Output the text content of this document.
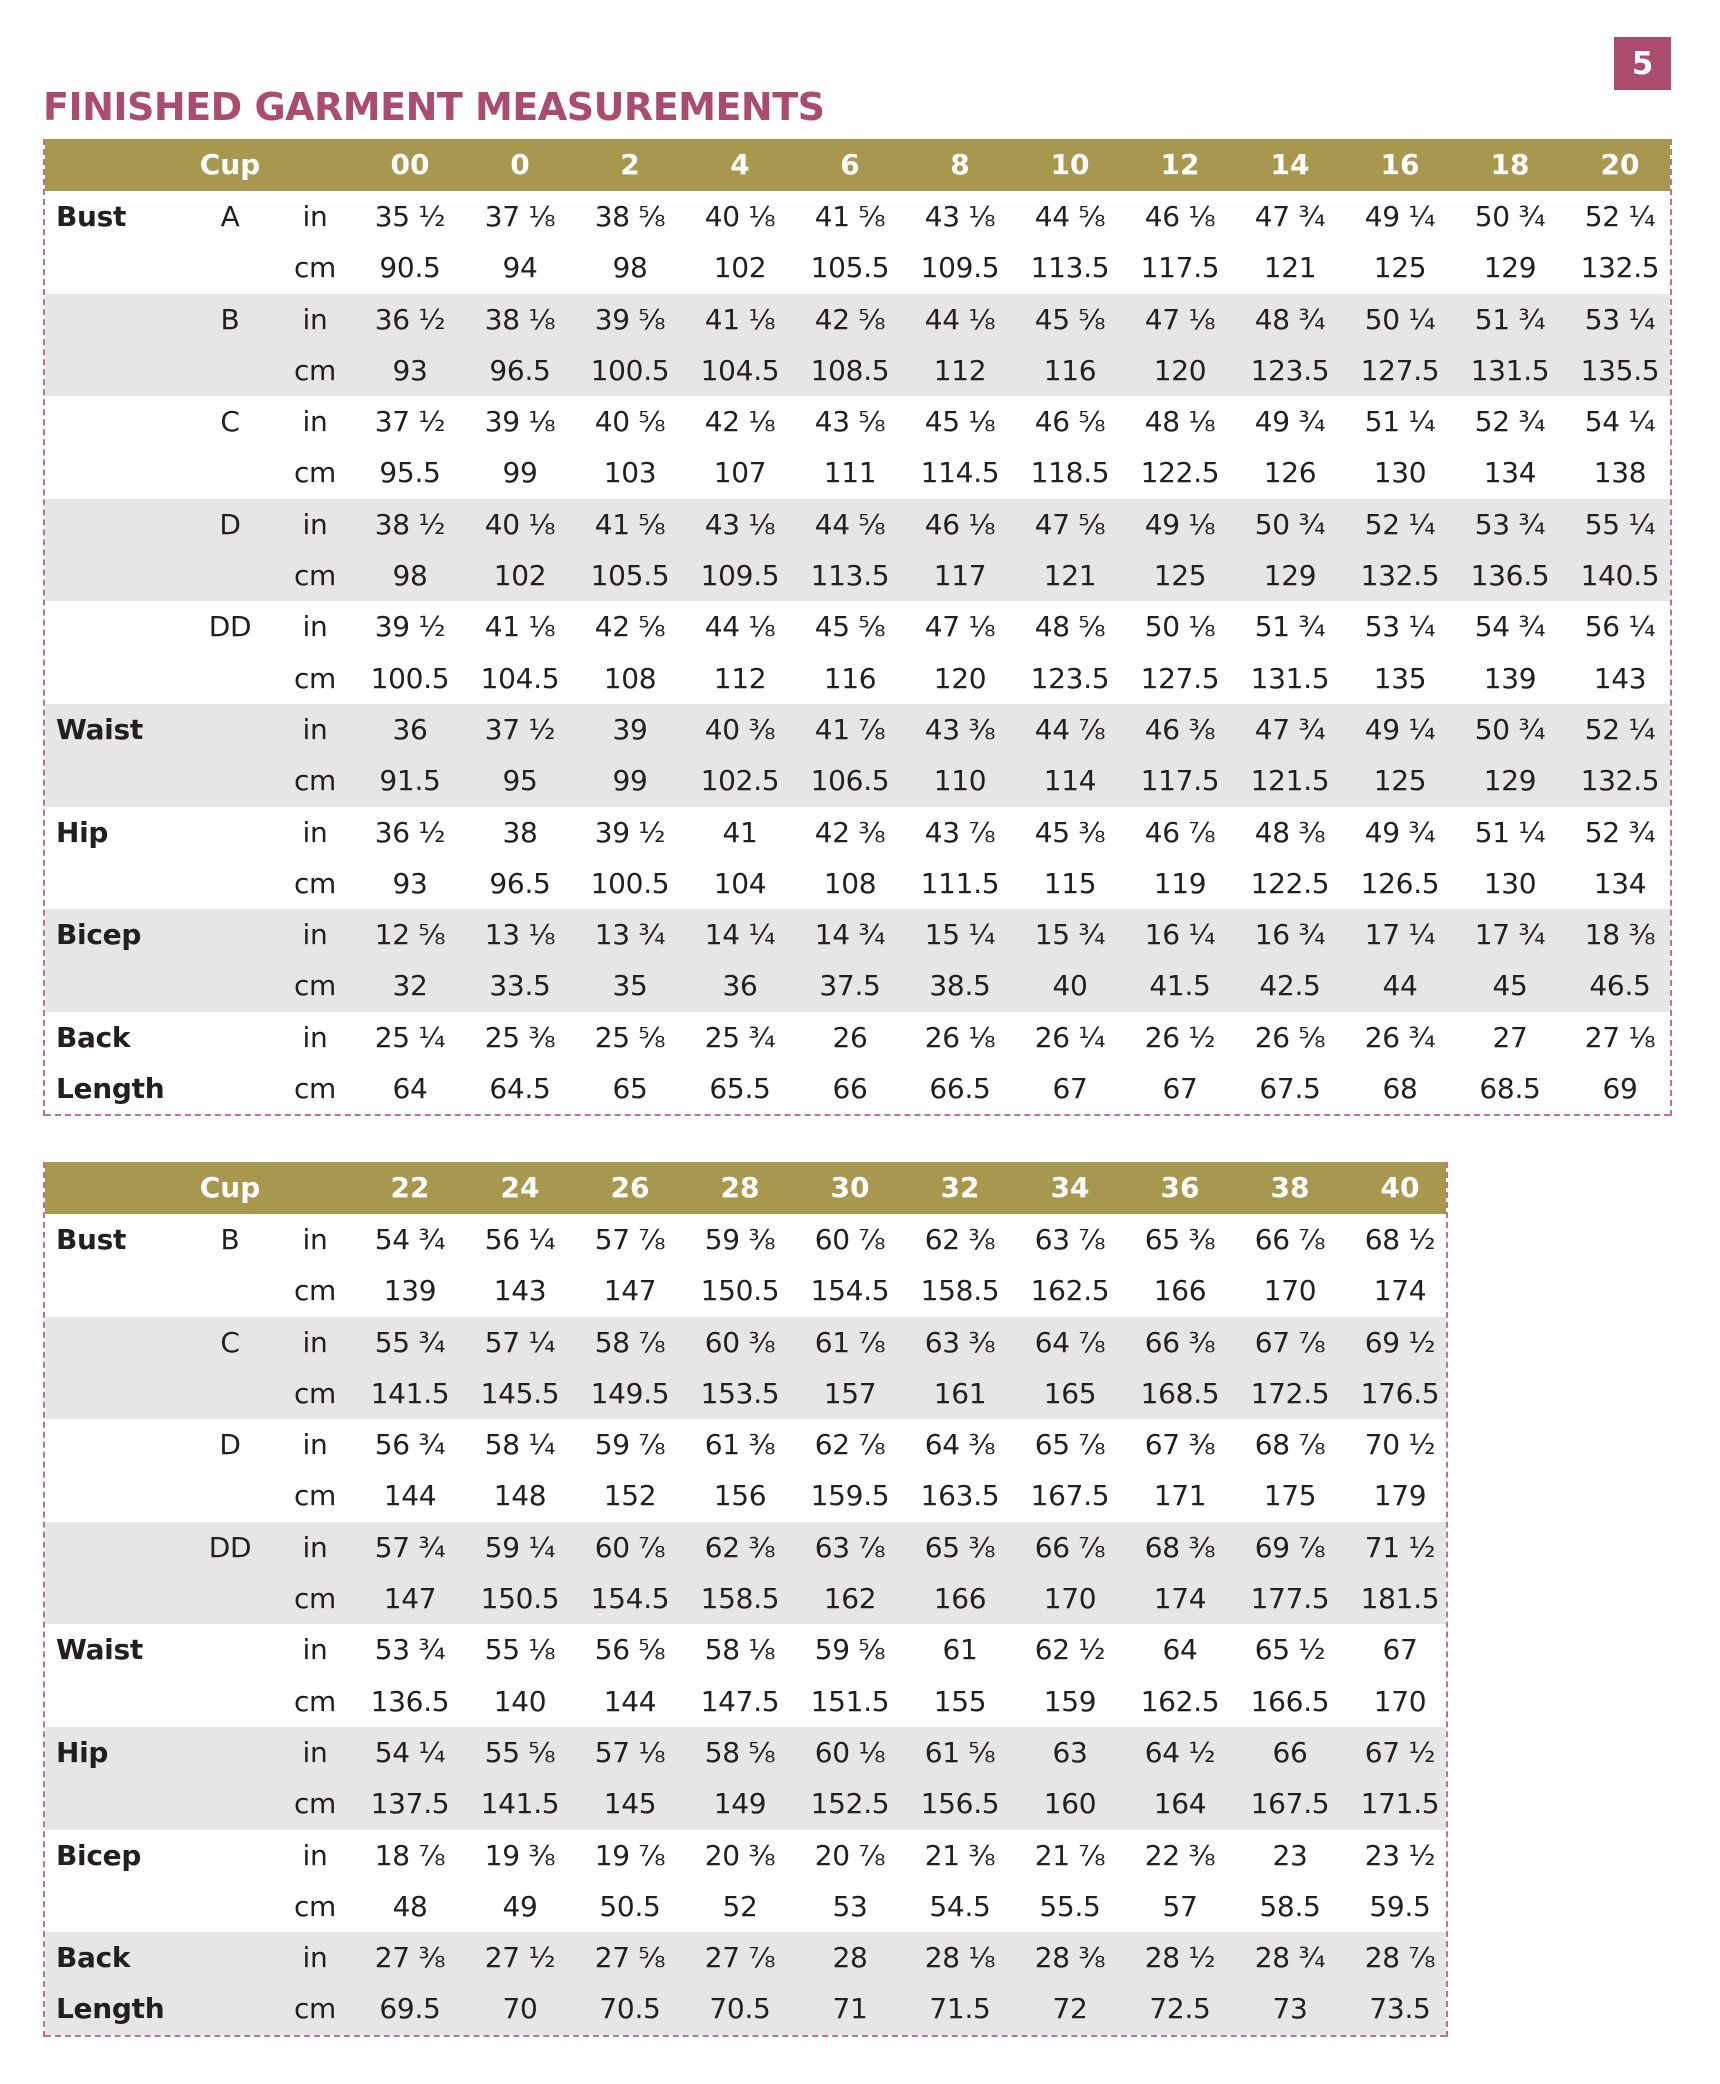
5
FINISHED GARMENT MEASUREMENTS
Cup	00	0	2	4	6	8	10	12	14	16	18	20
Bust	A	in	35 ½	37 ⅛	38 ⅝	40 ⅛	41 ⅝	43 ⅛	44 ⅝	46 ⅛	47 ¾	49 ¼	50 ¾	52 ¼
cm	90.5	94	98	102	105.5	109.5	113.5	117.5	121	125	129	132.5
B	in	36 ½	38 ⅛	39 ⅝	41 ⅛	42 ⅝	44 ⅛	45 ⅝	47 ⅛	48 ¾	50 ¼	51 ¾	53 ¼
cm	93	96.5	100.5	104.5	108.5	112	116	120	123.5	127.5	131.5	135.5
C	in	37 ½	39 ⅛	40 ⅝	42 ⅛	43 ⅝	45 ⅛	46 ⅝	48 ⅛	49 ¾	51 ¼	52 ¾	54 ¼
cm	95.5	99	103	107	111	114.5	118.5	122.5	126	130	134	138
D	in	38 ½	40 ⅛	41 ⅝	43 ⅛	44 ⅝	46 ⅛	47 ⅝	49 ⅛	50 ¾	52 ¼	53 ¾	55 ¼
cm	98	102	105.5	109.5	113.5	117	121	125	129	132.5	136.5	140.5
DD	in	39 ½	41 ⅛	42 ⅝	44 ⅛	45 ⅝	47 ⅛	48 ⅝	50 ⅛	51 ¾	53 ¼	54 ¾	56 ¼
cm	100.5	104.5	108	112	116	120	123.5	127.5	131.5	135	139	143
Waist	in	36	37 ½	39	40 ⅜	41 ⅞	43 ⅜	44 ⅞	46 ⅜	47 ¾	49 ¼	50 ¾	52 ¼
cm	91.5	95	99	102.5	106.5	110	114	117.5	121.5	125	129	132.5
Hip	in	36 ½	38	39 ½	41	42 ⅜	43 ⅞	45 ⅜	46 ⅞	48 ⅜	49 ¾	51 ¼	52 ¾
cm	93	96.5	100.5	104	108	111.5	115	119	122.5	126.5	130	134
Bicep	in	12 ⅝	13 ⅛	13 ¾	14 ¼	14 ¾	15 ¼	15 ¾	16 ¼	16 ¾	17 ¼	17 ¾	18 ⅜
cm	32	33.5	35	36	37.5	38.5	40	41.5	42.5	44	45	46.5
Back	in	25 ¼	25 ⅜	25 ⅝	25 ¾	26	26 ⅛	26 ¼	26 ½	26 ⅝	26 ¾	27	27 ⅛
Length	cm	64	64.5	65	65.5	66	66.5	67	67	67.5	68	68.5	69
Cup	22	24	26	28	30	32	34	36	38	40
Bust	B	in	54 ¾	56 ¼	57 ⅞	59 ⅜	60 ⅞	62 ⅜	63 ⅞	65 ⅜	66 ⅞	68 ½
cm	139	143	147	150.5	154.5	158.5	162.5	166	170	174
C	in	55 ¾	57 ¼	58 ⅞	60 ⅜	61 ⅞	63 ⅜	64 ⅞	66 ⅜	67 ⅞	69 ½
cm	141.5	145.5	149.5	153.5	157	161	165	168.5	172.5	176.5
D	in	56 ¾	58 ¼	59 ⅞	61 ⅜	62 ⅞	64 ⅜	65 ⅞	67 ⅜	68 ⅞	70 ½
cm	144	148	152	156	159.5	163.5	167.5	171	175	179
DD	in	57 ¾	59 ¼	60 ⅞	62 ⅜	63 ⅞	65 ⅜	66 ⅞	68 ⅜	69 ⅞	71 ½
cm	147	150.5	154.5	158.5	162	166	170	174	177.5	181.5
Waist	in	53 ¾	55 ⅛	56 ⅝	58 ⅛	59 ⅝	61	62 ½	64	65 ½	67
cm	136.5	140	144	147.5	151.5	155	159	162.5	166.5	170
Hip	in	54 ¼	55 ⅝	57 ⅛	58 ⅝	60 ⅛	61 ⅝	63	64 ½	66	67 ½
cm	137.5	141.5	145	149	152.5	156.5	160	164	167.5	171.5
Bicep	in	18 ⅞	19 ⅜	19 ⅞	20 ⅜	20 ⅞	21 ⅜	21 ⅞	22 ⅜	23	23 ½
cm	48	49	50.5	52	53	54.5	55.5	57	58.5	59.5
Back	in	27 ⅜	27 ½	27 ⅝	27 ⅞	28	28 ⅛	28 ⅜	28 ½	28 ¾	28 ⅞
Length	cm	69.5	70	70.5	70.5	71	71.5	72	72.5	73	73.5
